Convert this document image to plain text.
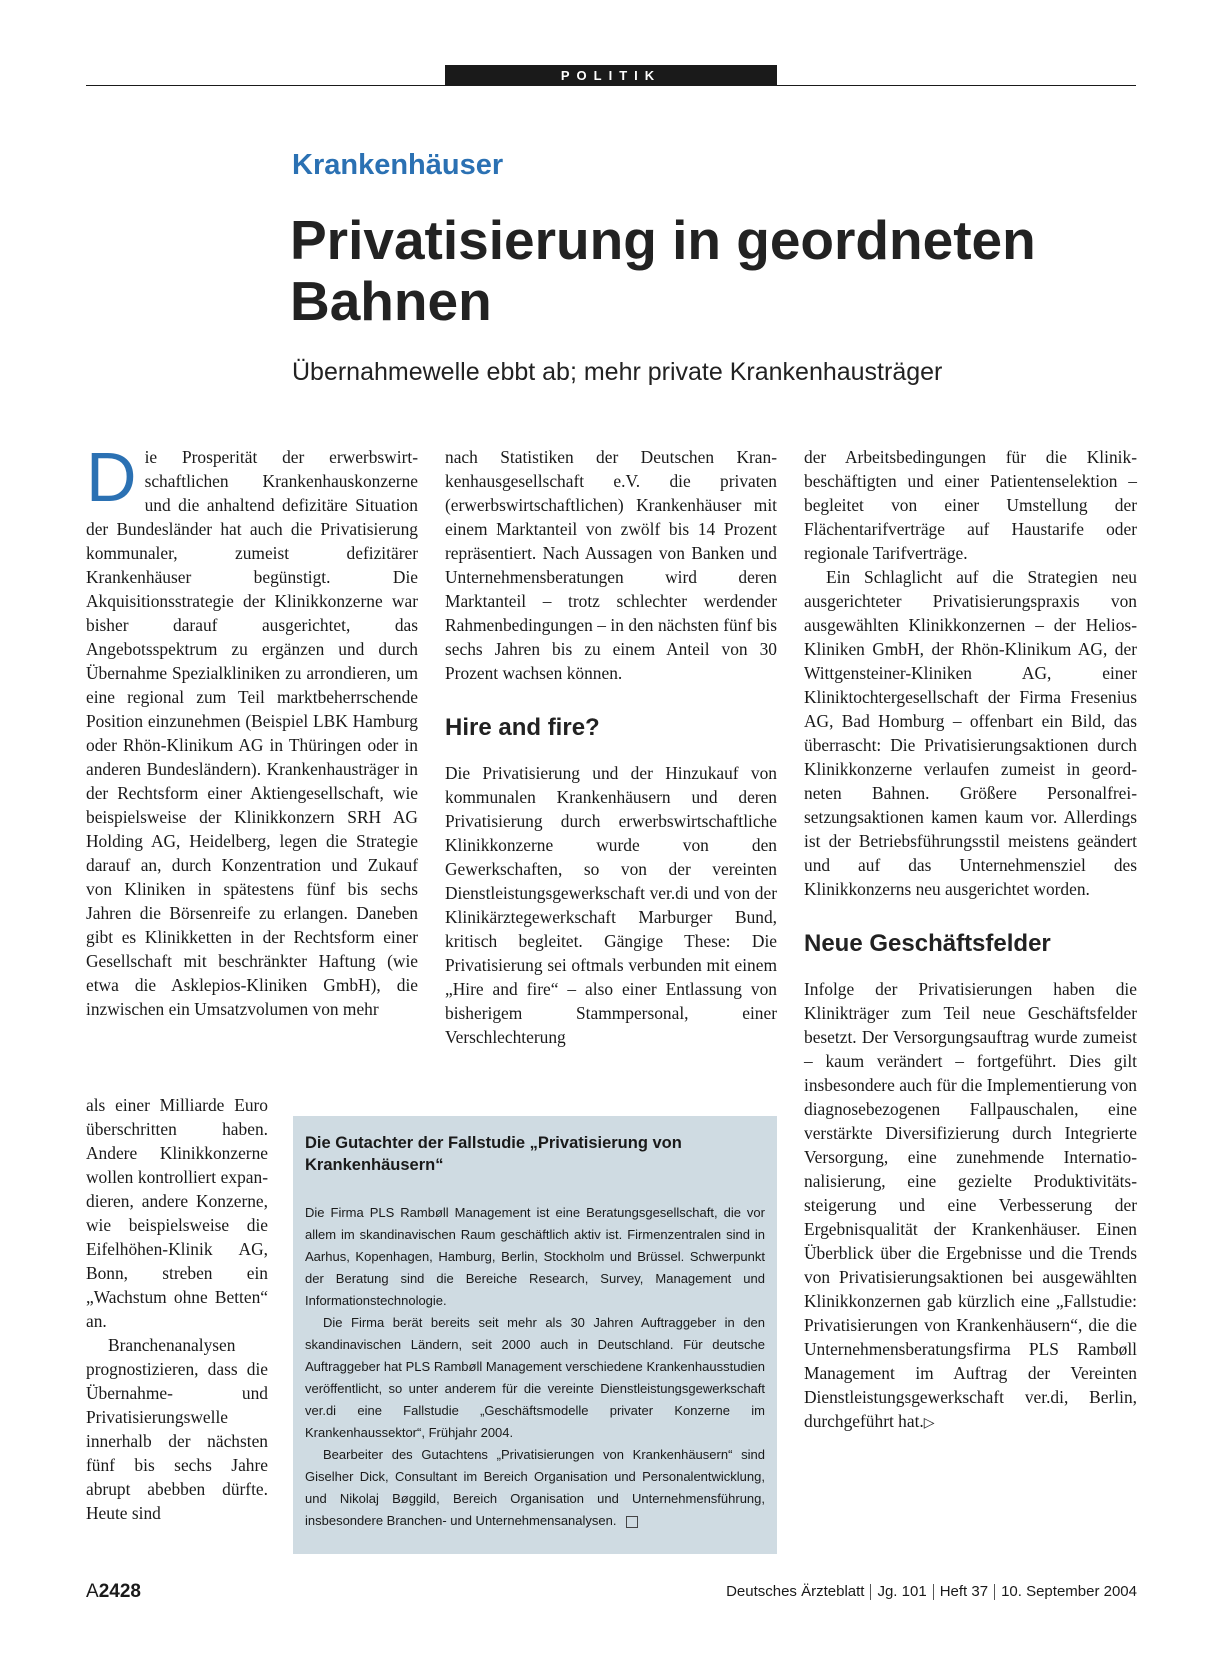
POLITIK
Krankenhäuser
Privatisierung in geordneten Bahnen
Übernahmewelle ebbt ab; mehr private Krankenhausträger

Die Prosperität der erwerbswirtschaftlichen Krankenhauskonzerne und die anhaltend defizitäre Situation der Bundesländer hat auch die Privatisierung kommunaler, zumeist defizitärer Krankenhäuser begünstigt. Die Akquisitionsstrategie der Klinikkonzerne war bisher darauf ausgerichtet, das Angebotsspektrum zu ergänzen und durch Übernahme Spezialkliniken zu arrondieren, um eine regional zum Teil marktbeherrschende Position einzunehmen (Beispiel LBK Hamburg oder Rhön-Klinikum AG in Thüringen oder in anderen Bundesländern). Krankenhausträger in der Rechtsform einer Aktiengesellschaft, wie beispielsweise der Klinikkonzern SRH AG Holding AG, Heidelberg, legen die Strategie darauf an, durch Konzentration und Zukauf von Kliniken in spätestens fünf bis sechs Jahren die Börsenreife zu erlangen. Daneben gibt es Klinikketten in der Rechtsform einer Gesellschaft mit beschränkter Haftung (wie etwa die Asklepios-Kliniken GmbH), die inzwischen ein Umsatzvolumen von mehr

als einer Milliarde Euro überschritten haben. Andere Klinikkonzerne wollen kontrolliert expandieren, andere Konzerne, wie beispielsweise die Eifelhöhen-Klinik AG, Bonn, streben ein „Wachstum ohne Betten“ an.

Branchenanalysen prognostizieren, dass die Übernahme- und Privatisierungswelle innerhalb der nächsten fünf bis sechs Jahre abrupt abebben dürfte. Heute sind

nach Statistiken der Deutschen Krankenhausgesellschaft e.V. die privaten (erwerbswirtschaftlichen) Krankenhäuser mit einem Marktanteil von zwölf bis 14 Prozent repräsentiert. Nach Aussagen von Banken und Unternehmensberatungen wird deren Marktanteil – trotz schlechter werdender Rahmenbedingungen – in den nächsten fünf bis sechs Jahren bis zu einem Anteil von 30 Prozent wachsen können.

Hire and fire?

Die Privatisierung und der Hinzukauf von kommunalen Krankenhäusern und deren Privatisierung durch erwerbswirtschaftliche Klinikkonzerne wurde von den Gewerkschaften, so von der vereinten Dienstleistungsgewerkschaft ver.di und von der Klinikärztegewerkschaft Marburger Bund, kritisch begleitet. Gängige These: Die Privatisierung sei oftmals verbunden mit einem „Hire and fire“ – also einer Entlassung von bisherigem Stammpersonal, einer Verschlechterung

der Arbeitsbedingungen für die Klinikbeschäftigten und einer Patientenselektion – begleitet von einer Umstellung der Flächentarifverträge auf Haustarife oder regionale Tarifverträge.

Ein Schlaglicht auf die Strategien neu ausgerichteter Privatisierungspraxis von ausgewählten Klinikkonzernen – der Helios-Kliniken GmbH, der Rhön-Klinikum AG, der Wittgensteiner-Kliniken AG, einer Kliniktochtergesellschaft der Firma Fresenius AG, Bad Homburg – offenbart ein Bild, das überrascht: Die Privatisierungsaktionen durch Klinikkonzerne verlaufen zumeist in geordneten Bahnen. Größere Personalfreisetzungsaktionen kamen kaum vor. Allerdings ist der Betriebsführungsstil meistens geändert und auf das Unternehmensziel des Klinikkonzerns neu ausgerichtet worden.

Neue Geschäftsfelder

Infolge der Privatisierungen haben die Klinikträger zum Teil neue Geschäftsfelder besetzt. Der Versorgungsauftrag wurde zumeist – kaum verändert – fortgeführt. Dies gilt insbesondere auch für die Implementierung von diagnosebezogenen Fallpauschalen, eine verstärkte Diversifizierung durch Integrierte Versorgung, eine zunehmende Internationalisierung, eine gezielte Produktivitätssteigerung und eine Verbesserung der Ergebnisqualität der Krankenhäuser. Einen Überblick über die Ergebnisse und die Trends von Privatisierungsaktionen bei ausgewählten Klinikkonzernen gab kürzlich eine „Fallstudie: Privatisierungen von Krankenhäusern“, die die Unternehmensberatungsfirma PLS Rambøll Management im Auftrag der Vereinten Dienstleistungsgewerkschaft ver.di, Berlin, durchgeführt hat.▷

Die Gutachter der Fallstudie „Privatisierung von Krankenhäusern“

Die Firma PLS Rambøll Management ist eine Beratungsgesellschaft, die vor allem im skandinavischen Raum geschäftlich aktiv ist. Firmenzentralen sind in Aarhus, Kopenhagen, Hamburg, Berlin, Stockholm und Brüssel. Schwerpunkt der Beratung sind die Bereiche Research, Survey, Management und Informationstechnologie.

Die Firma berät bereits seit mehr als 30 Jahren Auftraggeber in den skandinavischen Ländern, seit 2000 auch in Deutschland. Für deutsche Auftraggeber hat PLS Rambøll Management verschiedene Krankenhausstudien veröffentlicht, so unter anderem für die vereinte Dienstleistungsgewerkschaft ver.di eine Fallstudie „Geschäftsmodelle privater Konzerne im Krankenhaussektor“, Frühjahr 2004.

Bearbeiter des Gutachtens „Privatisierungen von Krankenhäusern“ sind Giselher Dick, Consultant im Bereich Organisation und Personalentwicklung, und Nikolaj Bøggild, Bereich Organisation und Unternehmensführung, insbesondere Branchen- und Unternehmensanalysen.

A2428	Deutsches Ärzteblatt Jg. 101 Heft 37 10. September 2004
